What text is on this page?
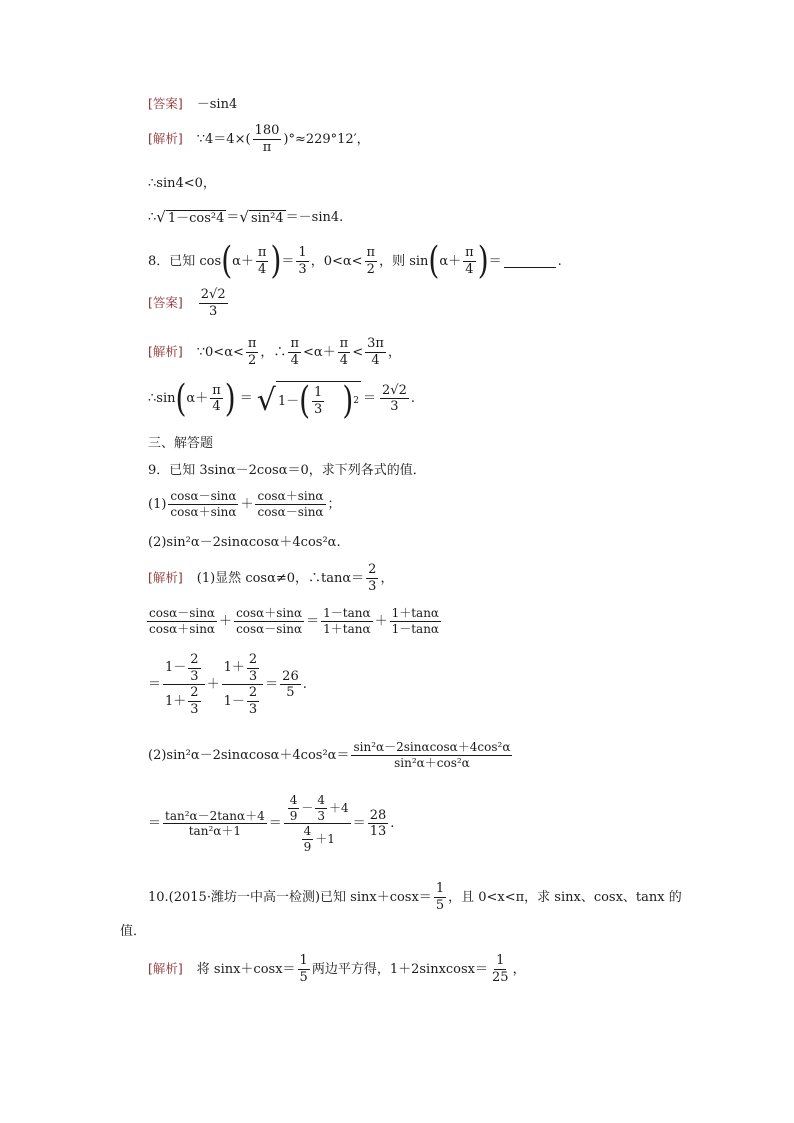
[答案] －sin4
[解析] ∵4＝4×( $\frac{180}{\pi} )^\circ\approx 229^\circ 12'$，
∴sin4<0，
∴ √ 1－cos²4 ＝ √ sin²4 ＝－sin4.
8．已知 cos ( $\alpha+ \frac{\pi}{4}$ ) ＝ $\frac{1}{3}$ ，$0<\alpha< \frac{\pi}{2}$ ，则 sin ( $\alpha+ \frac{\pi}{4}$ ) ＝	.
[答案] $\frac{2√2}{3}$
[解析] ∵0<α< $\frac{\pi}{2}$ ，∴ $\frac{\pi}{4} <\alpha+ \frac{\pi}{4} < \frac{3\pi}{4}$ ，
∴sin ( $\alpha+ \frac{\pi}{4}$ ) ＝ √ 1－ ( $\frac{1}{3}$ ) $2 = \frac{2√2}{3}$ .
三、解答题
9．已知 3sinα－2cosα＝0，求下列各式的值．
$(1) \frac{\cos\alpha-\sin\alpha}{\cos\alpha+\sin\alpha} + \frac{\cos\alpha+\sin\alpha}{\cos\alpha-\sin\alpha}$ ；
(2)sin²α－2sinαcosα＋4cos²α.
[解析] (1)显然 cosα≠0，∴tanα＝ $\frac{2}{3}$ ，
$\frac{\cos\alpha-\sin\alpha}{\cos\alpha+\sin\alpha} + \frac{\cos\alpha+\sin\alpha}{\cos\alpha-\sin\alpha} = \frac{1-\tan\alpha}{1+\tan\alpha} + \frac{1+\tan\alpha}{1-\tan\alpha}$
＝ $\frac{1- \frac{2}{3}}{1+ \frac{2}{3}} + \frac{1+ \frac{2}{3}}{1- \frac{2}{3}} = \frac{26}{5}$ .
$(2)\sin^2\alpha-2\sin\alpha\cos\alpha+4\cos^2\alpha= \frac{\text{sin²α－2sinαcosα＋4cos²α}}{\text{sin²α＋cos²α}}$
＝ $\frac{\text{tan²α－2tanα＋4}}{\text{tan²α＋1}} = \frac{\frac{4}{9} - \frac{4}{3} +4}{\frac{4}{9} +1} = \frac{28}{13}$ .
10.(2015·潍坊一中高一检测)已知 $\sin x+\cos x= \frac{1}{5}$ ，且 0<x<π，求 sinx、cosx、tanx 的
值．
[解析] 将 $\sin x+\cos x= \frac{1}{5}$ 两边平方得，1＋2sinxcosx＝ $\frac{1}{25}$ ，
